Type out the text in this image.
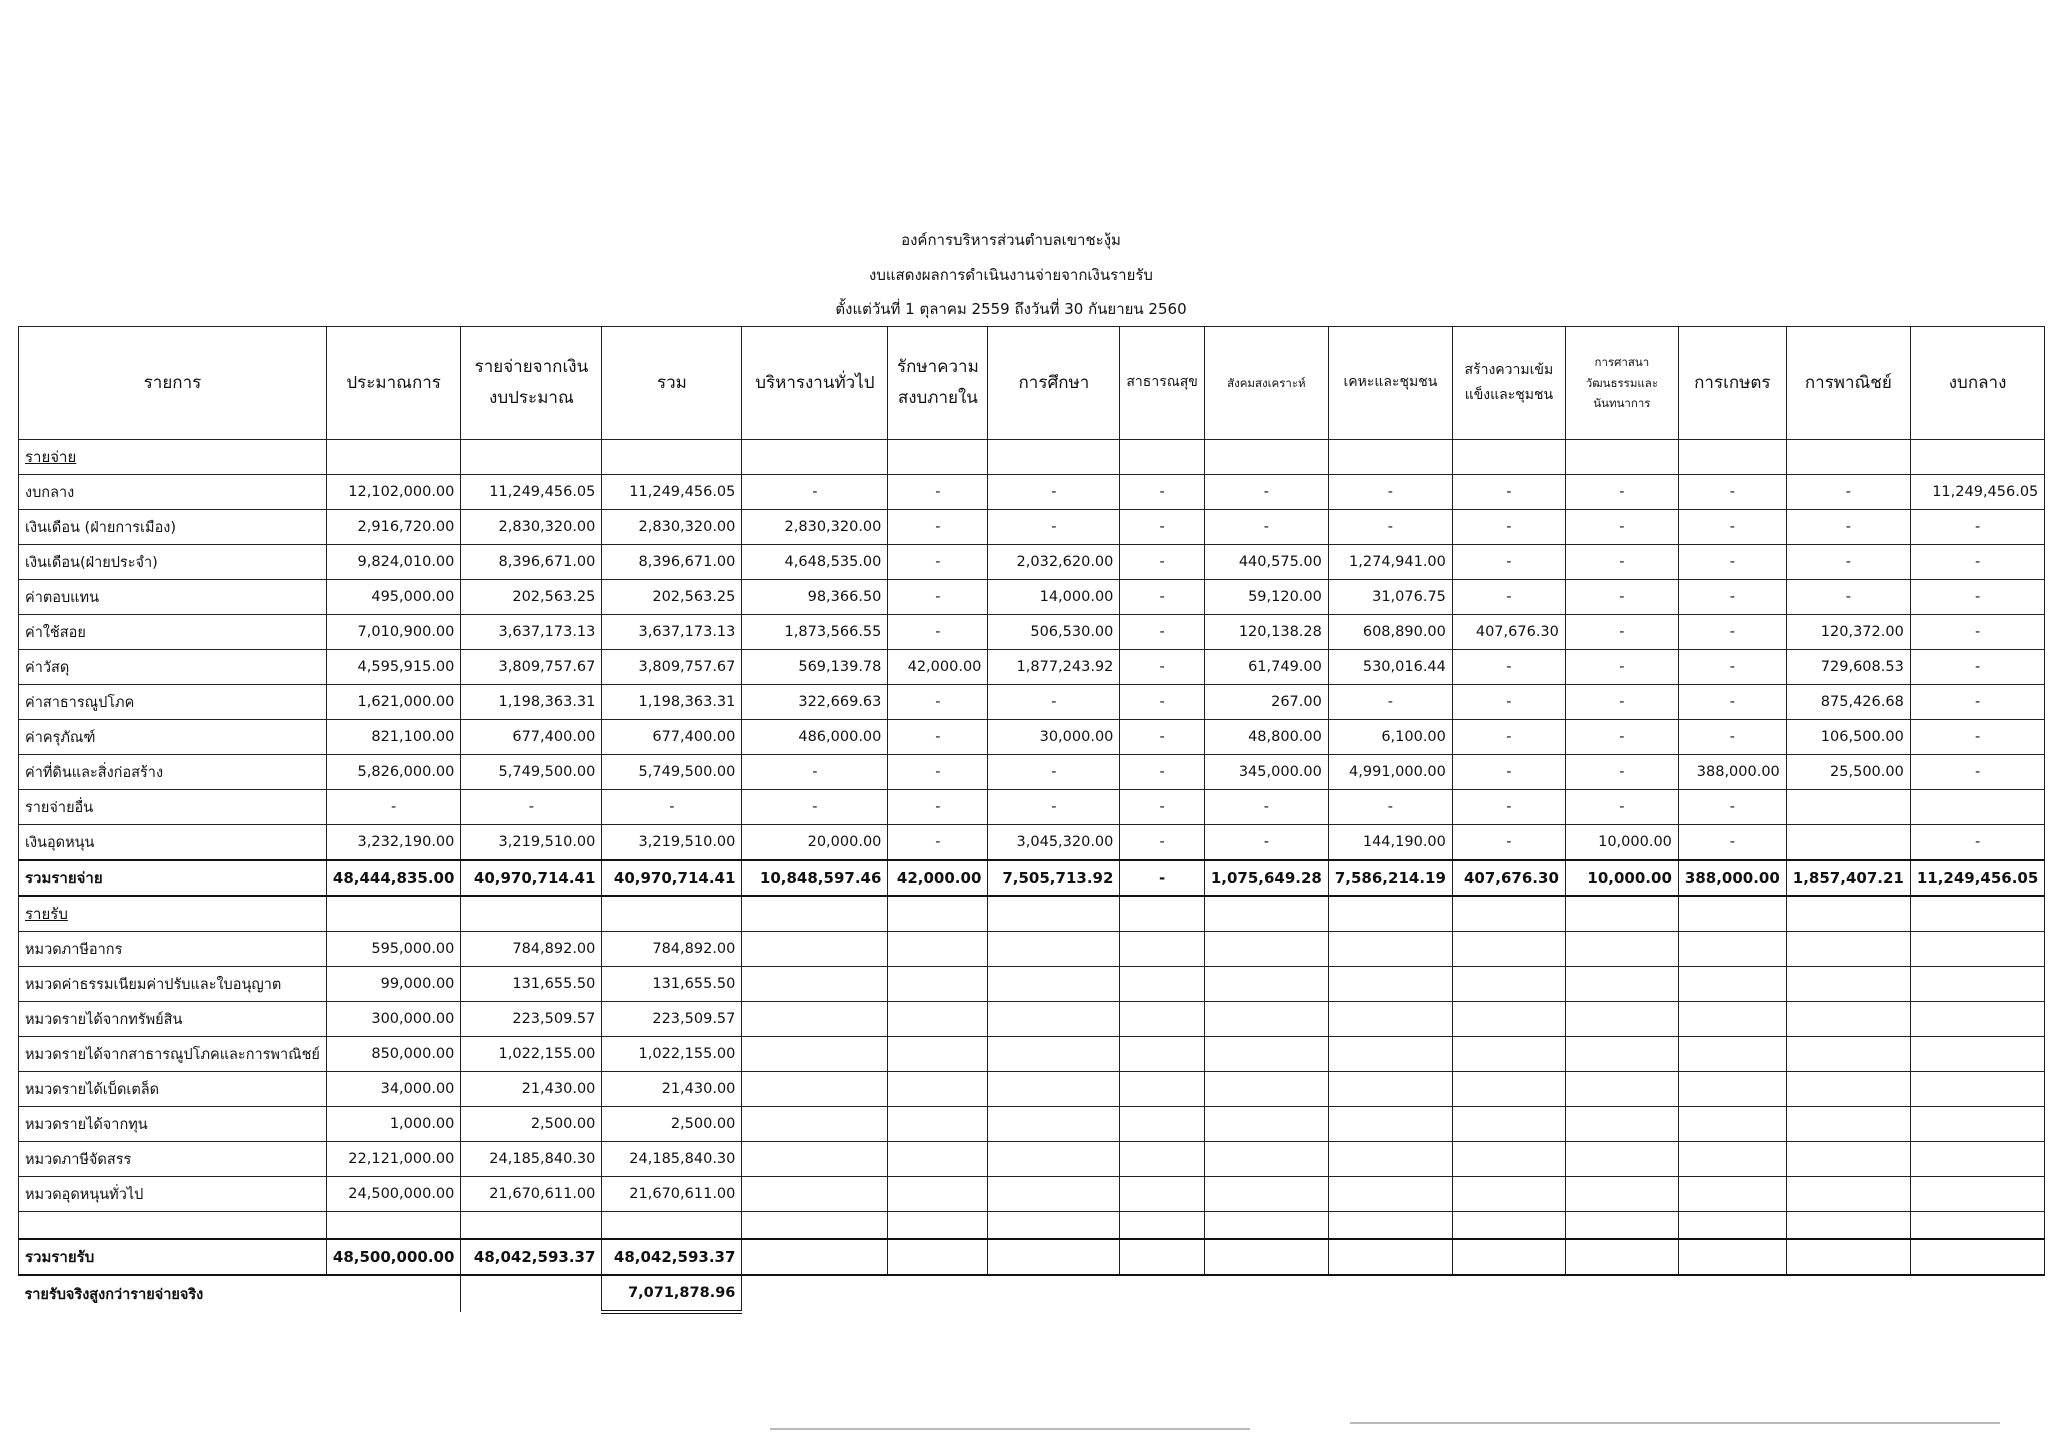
องค์การบริหารส่วนตำบลเขาชะงุ้ม
งบแสดงผลการดำเนินงานจ่ายจากเงินรายรับ
ตั้งแต่วันที่ 1 ตุลาคม 2559 ถึงวันที่ 30 กันยายน 2560
รายการ	ประมาณการ	รายจ่ายจากเงินงบประมาณ	รวม	บริหารงานทั่วไป	รักษาความสงบภายใน	การศึกษา	สาธารณสุข	สังคมสงเคราะห์	เคหะและชุมชน	สร้างความเข้มแข็งและชุมชน	การศาสนาวัฒนธรรมและนันทนาการ	การเกษตร	การพาณิชย์	งบกลาง
รายจ่าย														
งบกลาง	12,102,000.00	11,249,456.05	11,249,456.05	-	-	-	-	-	-	-	-	-	-	11,249,456.05
เงินเดือน (ฝ่ายการเมือง)	2,916,720.00	2,830,320.00	2,830,320.00	2,830,320.00	-	-	-	-	-	-	-	-	-	-
เงินเดือน(ฝ่ายประจำ)	9,824,010.00	8,396,671.00	8,396,671.00	4,648,535.00	-	2,032,620.00	-	440,575.00	1,274,941.00	-	-	-	-	-
ค่าตอบแทน	495,000.00	202,563.25	202,563.25	98,366.50	-	14,000.00	-	59,120.00	31,076.75	-	-	-	-	-
ค่าใช้สอย	7,010,900.00	3,637,173.13	3,637,173.13	1,873,566.55	-	506,530.00	-	120,138.28	608,890.00	407,676.30	-	-	120,372.00	-
ค่าวัสดุ	4,595,915.00	3,809,757.67	3,809,757.67	569,139.78	42,000.00	1,877,243.92	-	61,749.00	530,016.44	-	-	-	729,608.53	-
ค่าสาธารณูปโภค	1,621,000.00	1,198,363.31	1,198,363.31	322,669.63	-	-	-	267.00	-	-	-	-	875,426.68	-
ค่าครุภัณฑ์	821,100.00	677,400.00	677,400.00	486,000.00	-	30,000.00	-	48,800.00	6,100.00	-	-	-	106,500.00	-
ค่าที่ดินและสิ่งก่อสร้าง	5,826,000.00	5,749,500.00	5,749,500.00	-	-	-	-	345,000.00	4,991,000.00	-	-	388,000.00	25,500.00	-
รายจ่ายอื่น	-	-	-	-	-	-	-	-	-	-	-	-		
เงินอุดหนุน	3,232,190.00	3,219,510.00	3,219,510.00	20,000.00	-	3,045,320.00	-	-	144,190.00	-	10,000.00	-		-
รวมรายจ่าย	48,444,835.00	40,970,714.41	40,970,714.41	10,848,597.46	42,000.00	7,505,713.92	-	1,075,649.28	7,586,214.19	407,676.30	10,000.00	388,000.00	1,857,407.21	11,249,456.05
รายรับ														
หมวดภาษีอากร	595,000.00	784,892.00	784,892.00											
หมวดค่าธรรมเนียมค่าปรับและใบอนุญาต	99,000.00	131,655.50	131,655.50											
หมวดรายได้จากทรัพย์สิน	300,000.00	223,509.57	223,509.57											
หมวดรายได้จากสาธารณูปโภคและการพาณิชย์	850,000.00	1,022,155.00	1,022,155.00											
หมวดรายได้เบ็ดเตล็ด	34,000.00	21,430.00	21,430.00											
หมวดรายได้จากทุน	1,000.00	2,500.00	2,500.00											
หมวดภาษีจัดสรร	22,121,000.00	24,185,840.30	24,185,840.30											
หมวดอุดหนุนทั่วไป	24,500,000.00	21,670,611.00	21,670,611.00											

รวมรายรับ	48,500,000.00	48,042,593.37	48,042,593.37											
รายรับจริงสูงกว่ารายจ่ายจริง			7,071,878.96											
